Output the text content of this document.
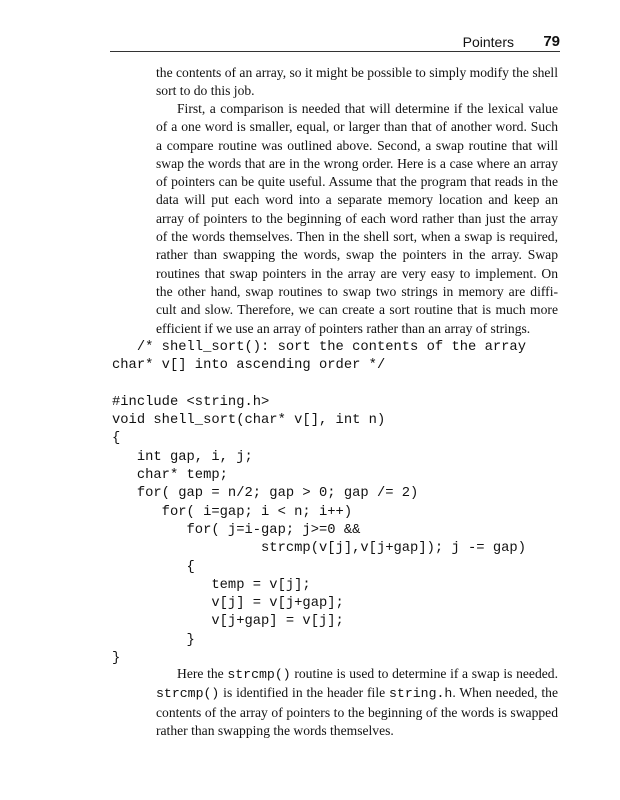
Pointers 79

the contents of an array, so it might be possible to simply modify the shell sort to do this job.

First, a comparison is needed that will determine if the lexical value of a one word is smaller, equal, or larger than that of another word. Such a compare routine was outlined above. Second, a swap routine that will swap the words that are in the wrong order. Here is a case where an array of pointers can be quite useful. Assume that the program that reads in the data will put each word into a separate memory location and keep an array of pointers to the beginning of each word rather than just the array of the words themselves. Then in the shell sort, when a swap is required, rather than swapping the words, swap the pointers in the array. Swap routines that swap pointers in the array are very easy to implement. On the other hand, swap routines to swap two strings in memory are diffi-cult and slow. Therefore, we can create a sort routine that is much more efficient if we use an array of pointers rather than an array of strings.

/* shell_sort(): sort the contents of the array
char* v[] into ascending order */
#include <string.h>
void shell_sort(char* v[], int n)
{
int gap, i, j;
char* temp;
for( gap = n/2; gap > 0; gap /= 2)
for( i=gap; i < n; i++)
for( j=i-gap; j>=0 &&
strcmp(v[j],v[j+gap]); j -= gap)
{
temp = v[j];
v[j] = v[j+gap];
v[j+gap] = v[j];
}
}

Here the strcmp() routine is used to determine if a swap is needed. strcmp() is identified in the header file string.h. When needed, the contents of the array of pointers to the beginning of the words is swapped rather than swapping the words themselves.
